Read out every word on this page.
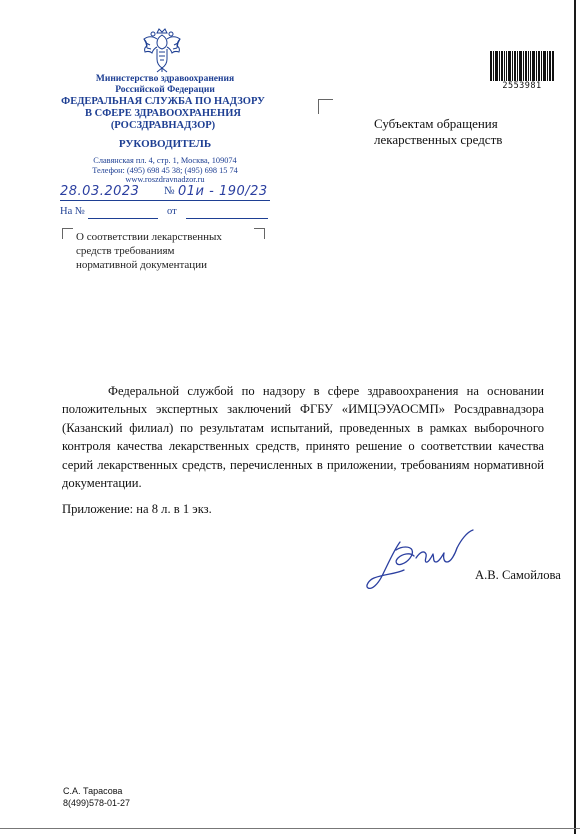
Министерство здравоохранения
Российской Федерации
ФЕДЕРАЛЬНАЯ СЛУЖБА ПО НАДЗОРУ
В СФЕРЕ ЗДРАВООХРАНЕНИЯ
(РОСЗДРАВНАДЗОР)
РУКОВОДИТЕЛЬ
Славянская пл. 4, стр. 1, Москва, 109074
Телефон: (495) 698 45 38; (495) 698 15 74
www.roszdravnadzor.ru
28.03.2023 № 01и - 190/23
На №	от
О соответствии лекарственных
средств требованиям
нормативной документации
2553981
Субъектам обращения
лекарственных средств
Федеральной службой по надзору в сфере здравоохранения на основании положительных экспертных заключений ФГБУ «ИМЦЭУАОСМП» Росздравнадзора (Казанский филиал) по результатам испытаний, проведенных в рамках выборочного контроля качества лекарственных средств, принято решение о соответствии качества серий лекарственных средств, перечисленных в приложении, требованиям нормативной документации.
Приложение: на 8 л. в 1 экз.
А.В. Самойлова
С.А. Тарасова
8(499)578-01-27
